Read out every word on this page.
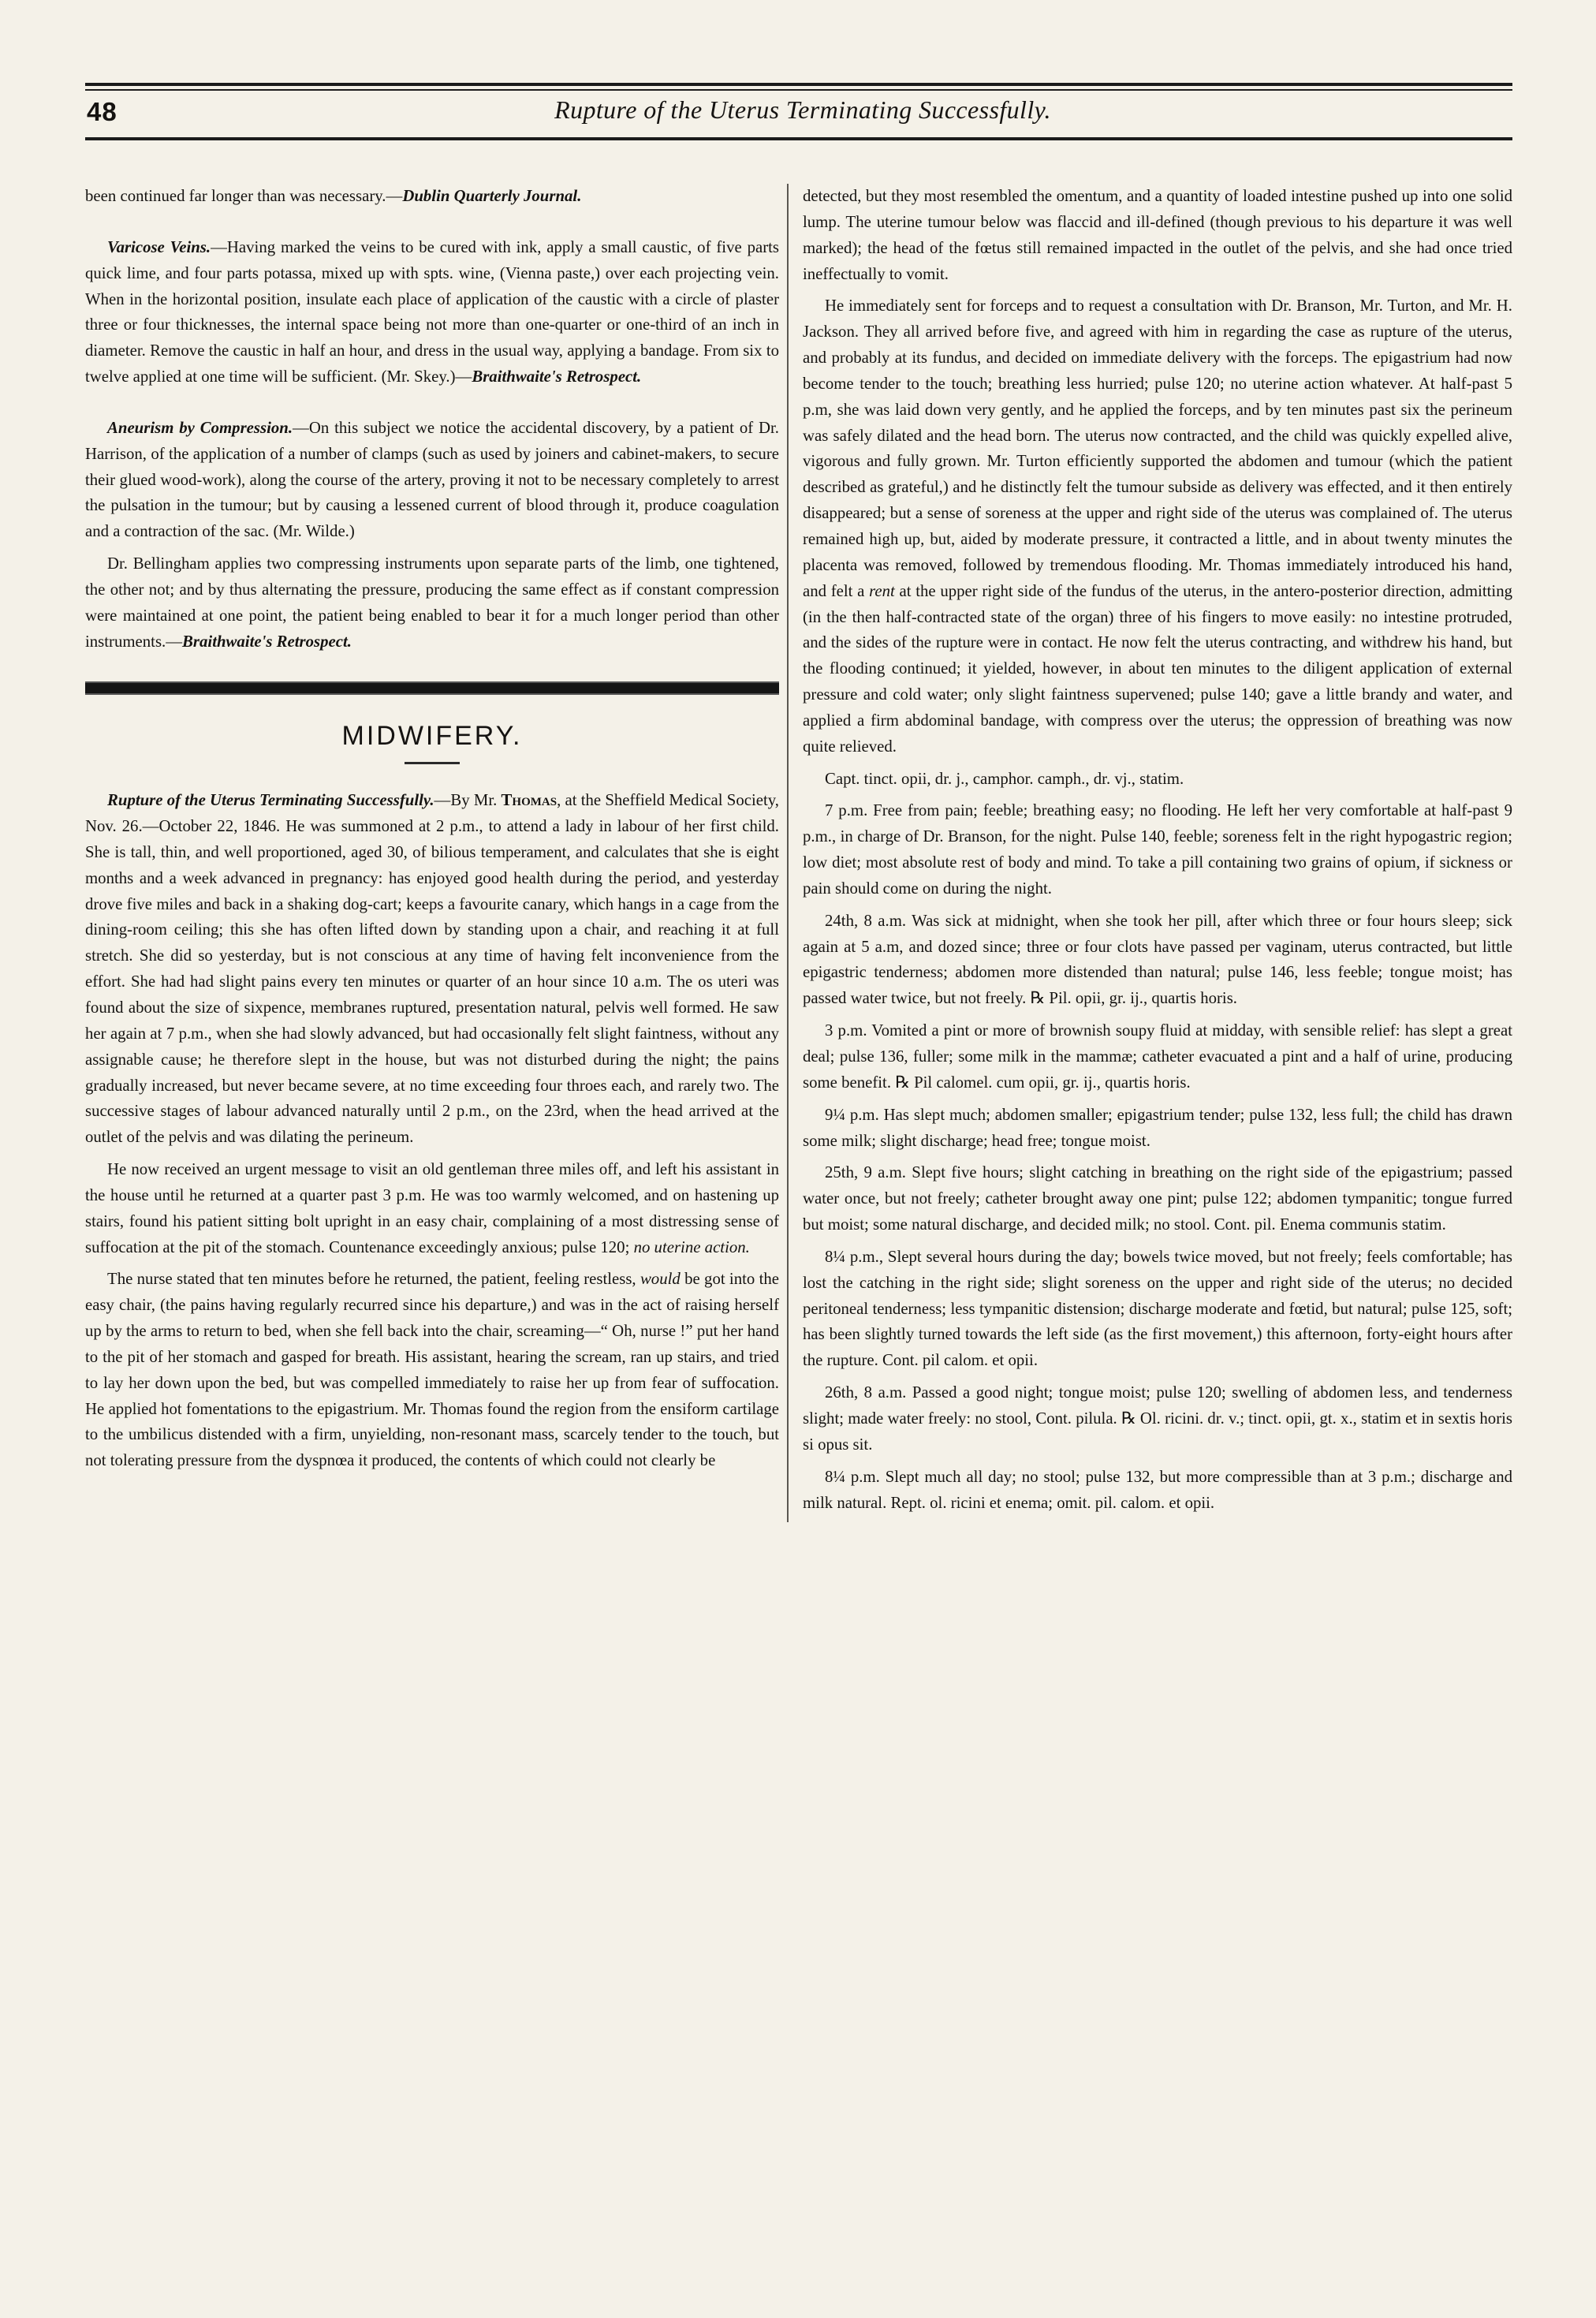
48	Rupture of the Uterus Terminating Successfully.

been continued far longer than was necessary.—Dublin Quarterly Journal.

Varicose Veins.—Having marked the veins to be cured with ink, apply a small caustic, of five parts quick lime, and four parts potassa, mixed up with spts. wine, (Vienna paste,) over each projecting vein. When in the horizontal position, insulate each place of application of the caustic with a circle of plaster three or four thicknesses, the internal space being not more than one-quarter or one-third of an inch in diameter. Remove the caustic in half an hour, and dress in the usual way, applying a bandage. From six to twelve applied at one time will be sufficient. (Mr. Skey.)—Braithwaite's Retrospect.

Aneurism by Compression.—On this subject we notice the accidental discovery, by a patient of Dr. Harrison, of the application of a number of clamps (such as used by joiners and cabinet-makers, to secure their glued wood-work), along the course of the artery, proving it not to be necessary completely to arrest the pulsation in the tumour; but by causing a lessened current of blood through it, produce coagulation and a contraction of the sac. (Mr. Wilde.)

Dr. Bellingham applies two compressing instruments upon separate parts of the limb, one tightened, the other not; and by thus alternating the pressure, producing the same effect as if constant compression were maintained at one point, the patient being enabled to bear it for a much longer period than other instruments.—Braithwaite's Retrospect.

MIDWIFERY.

Rupture of the Uterus Terminating Successfully.—By Mr. Thomas, at the Sheffield Medical Society, Nov. 26.—October 22, 1846. He was summoned at 2 p.m., to attend a lady in labour of her first child. She is tall, thin, and well proportioned, aged 30, of bilious temperament, and calculates that she is eight months and a week advanced in pregnancy: has enjoyed good health during the period, and yesterday drove five miles and back in a shaking dog-cart; keeps a favourite canary, which hangs in a cage from the dining-room ceiling; this she has often lifted down by standing upon a chair, and reaching it at full stretch. She did so yesterday, but is not conscious at any time of having felt inconvenience from the effort. She had had slight pains every ten minutes or quarter of an hour since 10 a.m. The os uteri was found about the size of sixpence, membranes ruptured, presentation natural, pelvis well formed. He saw her again at 7 p.m., when she had slowly advanced, but had occasionally felt slight faintness, without any assignable cause; he therefore slept in the house, but was not disturbed during the night; the pains gradually increased, but never became severe, at no time exceeding four throes each, and rarely two. The successive stages of labour advanced naturally until 2 p.m., on the 23rd, when the head arrived at the outlet of the pelvis and was dilating the perineum.

He now received an urgent message to visit an old gentleman three miles off, and left his assistant in the house until he returned at a quarter past 3 p.m. He was too warmly welcomed, and on hastening up stairs, found his patient sitting bolt upright in an easy chair, complaining of a most distressing sense of suffocation at the pit of the stomach. Countenance exceedingly anxious; pulse 120; no uterine action.

The nurse stated that ten minutes before he returned, the patient, feeling restless, would be got into the easy chair, (the pains having regularly recurred since his departure,) and was in the act of raising herself up by the arms to return to bed, when she fell back into the chair, screaming—“ Oh, nurse !” put her hand to the pit of her stomach and gasped for breath. His assistant, hearing the scream, ran up stairs, and tried to lay her down upon the bed, but was compelled immediately to raise her up from fear of suffocation. He applied hot fomentations to the epigastrium. Mr. Thomas found the region from the ensiform cartilage to the umbilicus distended with a firm, unyielding, non-resonant mass, scarcely tender to the touch, but not tolerating pressure from the dyspnœa it produced, the contents of which could not clearly be

detected, but they most resembled the omentum, and a quantity of loaded intestine pushed up into one solid lump. The uterine tumour below was flaccid and ill-defined (though previous to his departure it was well marked); the head of the fœtus still remained impacted in the outlet of the pelvis, and she had once tried ineffectually to vomit.

He immediately sent for forceps and to request a consultation with Dr. Branson, Mr. Turton, and Mr. H. Jackson. They all arrived before five, and agreed with him in regarding the case as rupture of the uterus, and probably at its fundus, and decided on immediate delivery with the forceps. The epigastrium had now become tender to the touch; breathing less hurried; pulse 120; no uterine action whatever. At half-past 5 p.m, she was laid down very gently, and he applied the forceps, and by ten minutes past six the perineum was safely dilated and the head born. The uterus now contracted, and the child was quickly expelled alive, vigorous and fully grown. Mr. Turton efficiently supported the abdomen and tumour (which the patient described as grateful,) and he distinctly felt the tumour subside as delivery was effected, and it then entirely disappeared; but a sense of soreness at the upper and right side of the uterus was complained of. The uterus remained high up, but, aided by moderate pressure, it contracted a little, and in about twenty minutes the placenta was removed, followed by tremendous flooding. Mr. Thomas immediately introduced his hand, and felt a rent at the upper right side of the fundus of the uterus, in the antero-posterior direction, admitting (in the then half-contracted state of the organ) three of his fingers to move easily: no intestine protruded, and the sides of the rupture were in contact. He now felt the uterus contracting, and withdrew his hand, but the flooding continued; it yielded, however, in about ten minutes to the diligent application of external pressure and cold water; only slight faintness supervened; pulse 140; gave a little brandy and water, and applied a firm abdominal bandage, with compress over the uterus; the oppression of breathing was now quite relieved.

Capt. tinct. opii, dr. j., camphor. camph., dr. vj., statim.

7 p.m. Free from pain; feeble; breathing easy; no flooding. He left her very comfortable at half-past 9 p.m., in charge of Dr. Branson, for the night. Pulse 140, feeble; soreness felt in the right hypogastric region; low diet; most absolute rest of body and mind. To take a pill containing two grains of opium, if sickness or pain should come on during the night.

24th, 8 a.m. Was sick at midnight, when she took her pill, after which three or four hours sleep; sick again at 5 a.m, and dozed since; three or four clots have passed per vaginam, uterus contracted, but little epigastric tenderness; abdomen more distended than natural; pulse 146, less feeble; tongue moist; has passed water twice, but not freely. ℞ Pil. opii, gr. ij., quartis horis.

3 p.m. Vomited a pint or more of brownish soupy fluid at midday, with sensible relief: has slept a great deal; pulse 136, fuller; some milk in the mammæ; catheter evacuated a pint and a half of urine, producing some benefit. ℞ Pil calomel. cum opii, gr. ij., quartis horis.

9¼ p.m. Has slept much; abdomen smaller; epigastrium tender; pulse 132, less full; the child has drawn some milk; slight discharge; head free; tongue moist.

25th, 9 a.m. Slept five hours; slight catching in breathing on the right side of the epigastrium; passed water once, but not freely; catheter brought away one pint; pulse 122; abdomen tympanitic; tongue furred but moist; some natural discharge, and decided milk; no stool. Cont. pil. Enema communis statim.

8¼ p.m., Slept several hours during the day; bowels twice moved, but not freely; feels comfortable; has lost the catching in the right side; slight soreness on the upper and right side of the uterus; no decided peritoneal tenderness; less tympanitic distension; discharge moderate and fœtid, but natural; pulse 125, soft; has been slightly turned towards the left side (as the first movement,) this afternoon, forty-eight hours after the rupture. Cont. pil calom. et opii.

26th, 8 a.m. Passed a good night; tongue moist; pulse 120; swelling of abdomen less, and tenderness slight; made water freely: no stool, Cont. pilula. ℞ Ol. ricini. dr. v.; tinct. opii, gt. x., statim et in sextis horis si opus sit.

8¼ p.m. Slept much all day; no stool; pulse 132, but more compressible than at 3 p.m.; discharge and milk natural. Rept. ol. ricini et enema; omit. pil. calom. et opii.
